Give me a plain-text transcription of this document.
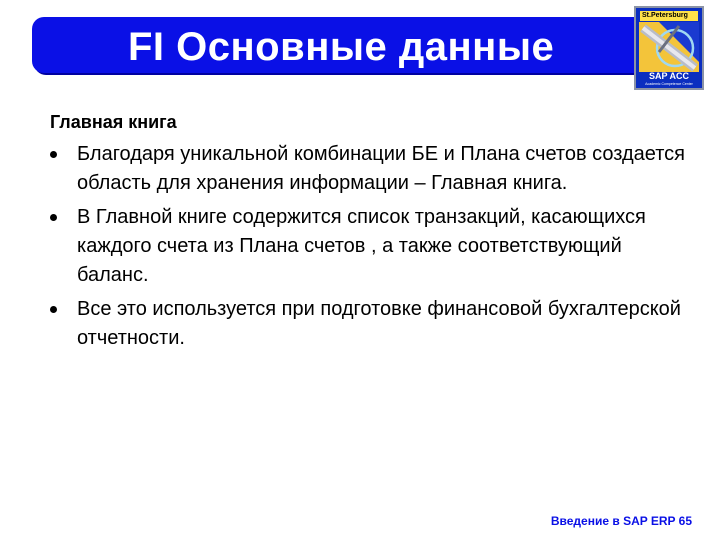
FI Основные данные
St.Petersburg
SAP ACC
Academic Competence Center
Главная книга
Благодаря уникальной комбинации БЕ и Плана счетов создается область для хранения информации – Главная книга.
В Главной книге содержится список транзакций, касающихся каждого счета из Плана счетов , а также соответствующий баланс.
Все это используется при подготовке финансовой бухгалтерской отчетности.
Введение в SAP ERP 65
